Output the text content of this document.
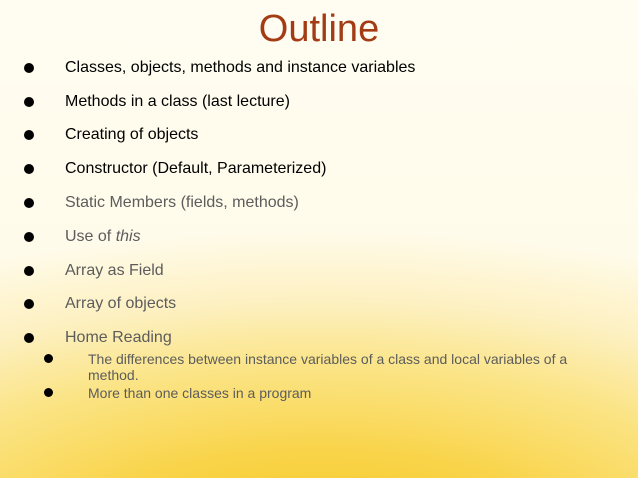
Outline
Classes, objects, methods and instance variables
Methods in a class (last lecture)
Creating of objects
Constructor (Default, Parameterized)
Static Members (fields, methods)
Use of this
Array as Field
Array of objects
Home Reading
The differences between instance variables of a class and local variables of a method.
More than one classes in a program
